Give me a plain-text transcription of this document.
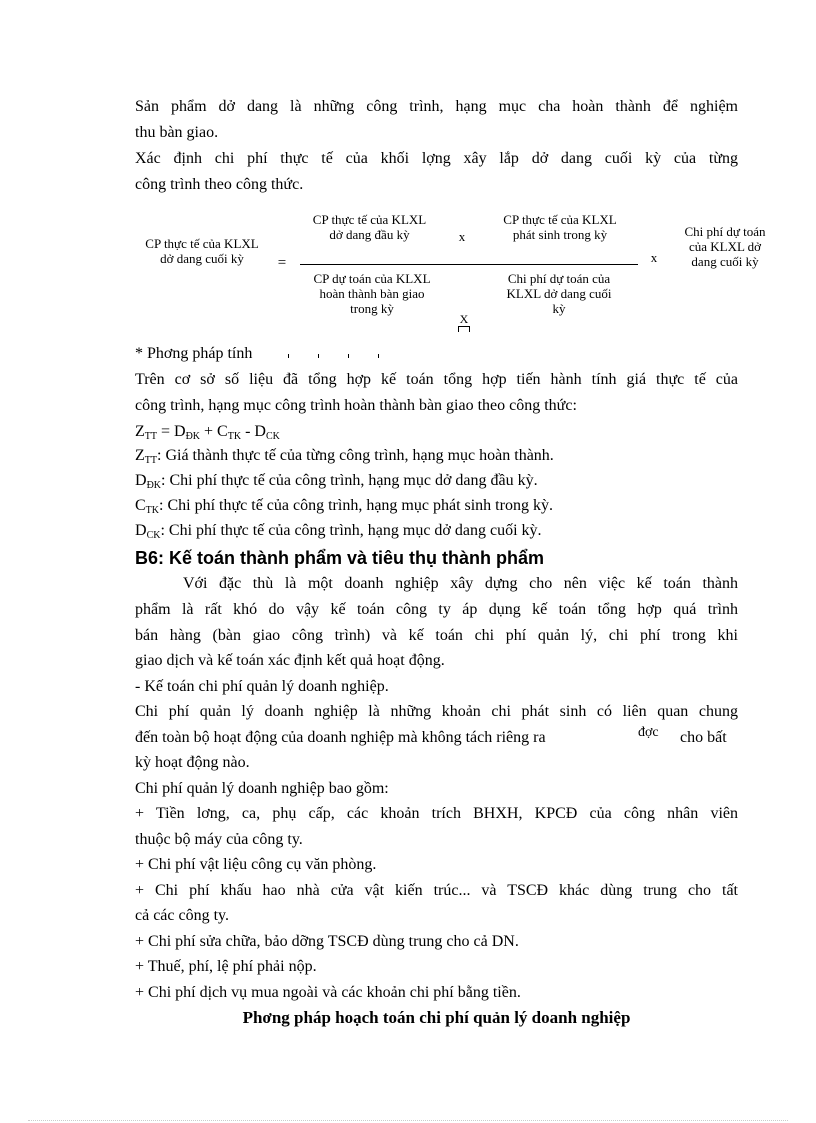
Sản phẩm dở dang là những công trình, hạng mục cha hoàn thành để nghiệm
thu bàn giao.
Xác định chi phí thực tế của khối lợng xây lắp dở dang cuối kỳ của từng
công trình theo công thức.
CP thực tế của KLXL
dở dang cuối kỳ	=
CP thực tế của KLXL
dở dang đầu kỳ	x
CP thực tế của KLXL
phát sinh trong kỳ
CP dự toán của KLXL
hoàn thành bàn giao
trong kỳ
Chi phí dự toán của
KLXL dở dang cuối
kỳ
X
x
Chi phí dự toán
của KLXL dở
dang cuối kỳ
* Phơng pháp tính
Trên cơ sở số liệu đã tổng hợp kế toán tổng hợp tiến hành tính giá thực tế của
công trình, hạng mục công trình hoàn thành bàn giao theo công thức:
$Z_{TT} = D_{ĐK} + C_{TK} - D_{CK}$
$Z_{TT}$: Giá thành thực tế của từng công trình, hạng mục hoàn thành.
$D_{ĐK}$: Chi phí thực tế của công trình, hạng mục dở dang đầu kỳ.
$C_{TK}$: Chi phí thực tế của công trình, hạng mục phát sinh trong kỳ.
$D_{CK}$: Chi phí thực tế của công trình, hạng mục dở dang cuối kỳ.
B6: Kế toán thành phẩm và tiêu thụ thành phẩm
Với đặc thù là một doanh nghiệp xây dựng cho nên việc kế toán thành
phẩm là rất khó do vậy kế toán công ty áp dụng kế toán tổng hợp quá trình
bán hàng (bàn giao công trình) và kế toán chi phí quản lý, chi phí trong khi
giao dịch và kế toán xác định kết quả hoạt động.
- Kế toán chi phí quản lý doanh nghiệp.
Chi phí quản lý doanh nghiệp là những khoản chi phát sinh có liên quan chung
đến toàn bộ hoạt động của doanh nghiệp mà không tách riêng ra	đợc cho bất
kỳ hoạt động nào.
Chi phí quản lý doanh nghiệp bao gồm:
+ Tiền lơng, ca, phụ cấp, các khoản trích BHXH, KPCĐ của công nhân viên
thuộc bộ máy của công ty.
+ Chi phí vật liệu công cụ văn phòng.
+ Chi phí khấu hao nhà cửa vật kiến trúc... và TSCĐ khác dùng trung cho tất
cả các công ty.
+ Chi phí sửa chữa, bảo dỡng TSCĐ dùng trung cho cả DN.
+ Thuế, phí, lệ phí phải nộp.
+ Chi phí dịch vụ mua ngoài và các khoản chi phí bằng tiền.
Phơng pháp hoạch toán chi phí quản lý doanh nghiệp
